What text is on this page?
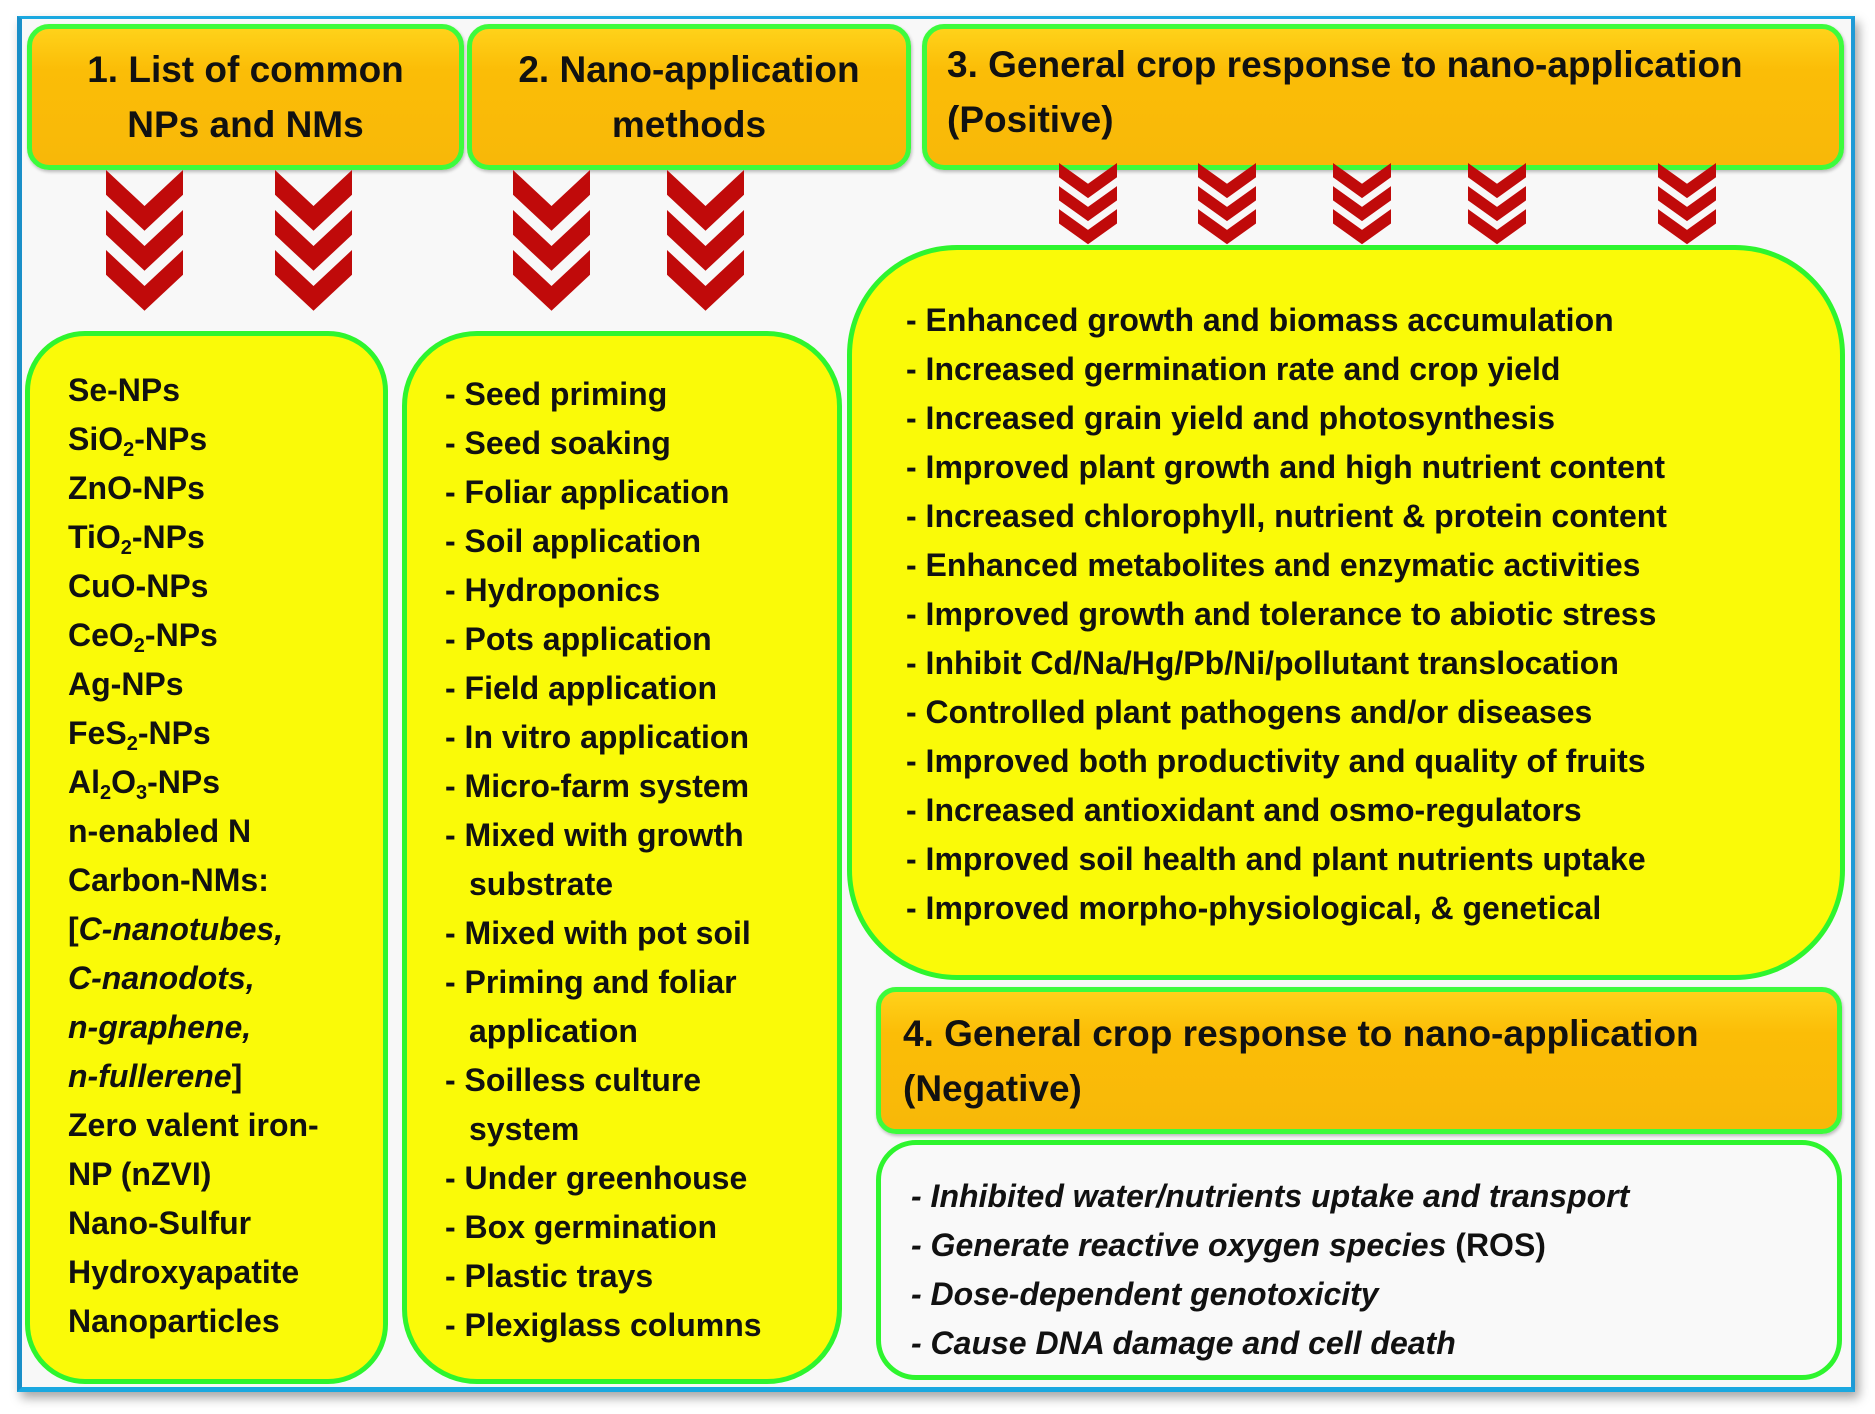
1. List of common
NPs and NMs
2. Nano-application
methods
3. General crop response to nano-application
(Positive)
Se-NPs
SiO$_2$-NPs
ZnO-NPs
TiO$_2$-NPs
CuO-NPs
CeO$_2$-NPs
Ag-NPs
FeS$_2$-NPs
$Al_2O_3$-NPs
n-enabled N
Carbon-NMs:
[C-nanotubes,
C-nanodots,
n-graphene,
n-fullerene]
Zero valent iron-
NP (nZVI)
Nano-Sulfur
Hydroxyapatite
Nanoparticles
- Seed priming
- Seed soaking
- Foliar application
- Soil application
- Hydroponics
- Pots application
- Field application
- In vitro application
- Micro-farm system
- Mixed with growth
substrate
- Mixed with pot soil
- Priming and foliar
application
- Soilless culture
system
- Under greenhouse
- Box germination
- Plastic trays
- Plexiglass columns
- Enhanced growth and biomass accumulation
- Increased germination rate and crop yield
- Increased grain yield and photosynthesis
- Improved plant growth and high nutrient content
- Increased chlorophyll, nutrient & protein content
- Enhanced metabolites and enzymatic activities
- Improved growth and tolerance to abiotic stress
- Inhibit Cd/Na/Hg/Pb/Ni/pollutant translocation
- Controlled plant pathogens and/or diseases
- Improved both productivity and quality of fruits
- Increased antioxidant and osmo-regulators
- Improved soil health and plant nutrients uptake
- Improved morpho-physiological, & genetical
4. General crop response to nano-application
(Negative)
- Inhibited water/nutrients uptake and transport
- Generate reactive oxygen species (ROS)
- Dose-dependent genotoxicity
- Cause DNA damage and cell death
